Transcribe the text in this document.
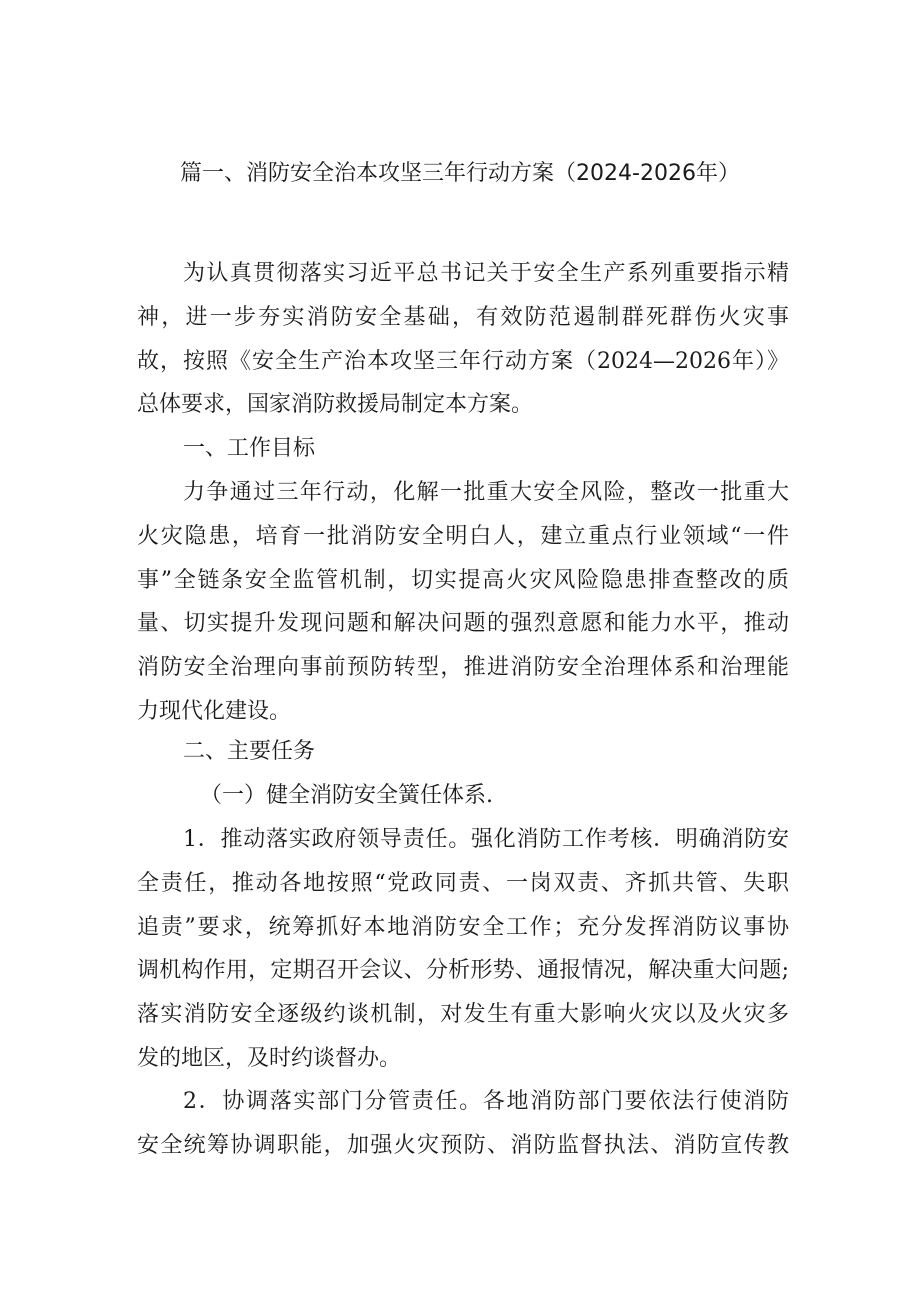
篇一、消防安全治本攻坚三年行动方案（2024-2026年）
为认真贯彻落实习近平总书记关于安全生产系列重要指示精
神，进一步夯实消防安全基础，有效防范遏制群死群伤火灾事
故，按照《安全生产治本攻坚三年行动方案（2024—2026年）》
总体要求，国家消防救援局制定本方案。
一、工作目标
力争通过三年行动，化解一批重大安全风险，整改一批重大
火灾隐患，培育一批消防安全明白人，建立重点行业领域“一件
事”全链条安全监管机制，切实提高火灾风险隐患排查整改的质
量、切实提升发现问题和解决问题的强烈意愿和能力水平，推动
消防安全治理向事前预防转型，推进消防安全治理体系和治理能
力现代化建设。
二、主要任务
（一）健全消防安全簧任体系.
1．推动落实政府领导责任。强化消防工作考核．明确消防安
全责任，推动各地按照“党政同责、一岗双责、齐抓共管、失职
追责”要求，统筹抓好本地消防安全工作；充分发挥消防议事协
调机构作用，定期召开会议、分析形势、通报情况，解决重大问题;
落实消防安全逐级约谈机制，对发生有重大影响火灾以及火灾多
发的地区，及时约谈督办。
2．协调落实部门分管责任。各地消防部门要依法行使消防
安全统筹协调职能，加强火灾预防、消防监督执法、消防宣传教
